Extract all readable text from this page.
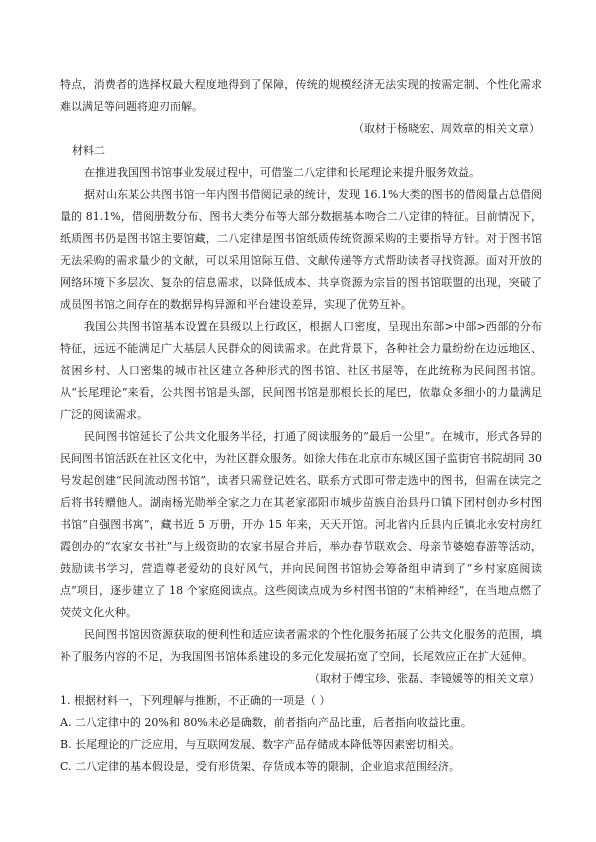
特点，消费者的选择权最大程度地得到了保障，传统的规模经济无法实现的按需定制、个性化需求难以满足等问题将迎刃而解。

（取材于杨晓宏、周效章的相关文章）

材料二

在推进我国图书馆事业发展过程中，可借鉴二八定律和长尾理论来提升服务效益。

据对山东某公共图书馆一年内图书借阅记录的统计，发现 16.1%大类的图书的借阅量占总借阅量的 81.1%，借阅册数分布、图书大类分布等大部分数据基本吻合二八定律的特征。目前情况下，纸质图书仍是图书馆主要馆藏，二八定律是图书馆纸质传统资源采购的主要指导方针。对于图书馆无法采购的需求量少的文献，可以采用馆际互借、文献传递等方式帮助读者寻找资源。面对开放的网络环境下多层次、复杂的信息需求，以降低成本、共享资源为宗旨的图书馆联盟的出现，突破了成员图书馆之间存在的数据异构异源和平台建设差异，实现了优势互补。

我国公共图书馆基本设置在县级以上行政区，根据人口密度，呈现出东部>中部>西部的分布特征，远远不能满足广大基层人民群众的阅读需求。在此背景下，各种社会力量纷纷在边远地区、贫困乡村、人口密集的城市社区建立各种形式的图书馆、社区书屋等，在此统称为民间图书馆。从“长尾理论”来看，公共图书馆是头部，民间图书馆是那根长长的尾巴，依靠众多细小的力量满足广泛的阅读需求。

民间图书馆延长了公共文化服务半径，打通了阅读服务的“最后一公里”。在城市，形式各异的民间图书馆活跃在社区文化中，为社区群众服务。如徐大伟在北京市东城区国子监街官书院胡同 30 号发起创建“民间流动图书馆”，读者只需登记姓名、联系方式即可带走选中的图书，但需在读完之后将书转赠他人。湖南杨光勋举全家之力在其老家邵阳市城步苗族自治县丹口镇下团村创办乡村图书馆“自强图书寓”，藏书近 5 万册，开办 15 年来，天天开馆。河北省内丘县内丘镇北永安村房红霞创办的“农家女书社”与上级资助的农家书屋合并后，举办春节联欢会、母亲节婆媳春游等活动，鼓励读书学习，营造尊老爱幼的良好风气，并向民间图书馆协会筹备组申请到了“乡村家庭阅读点”项目，逐步建立了 18 个家庭阅读点。这些阅读点成为乡村图书馆的“末梢神经”，在当地点燃了荧荧文化火种。

民间图书馆因资源获取的便利性和适应读者需求的个性化服务拓展了公共文化服务的范围，填补了服务内容的不足，为我国图书馆体系建设的多元化发展拓宽了空间，长尾效应正在扩大延伸。

（取材于傅宝珍、张磊、李镜媛等的相关文章）

1. 根据材料一，下列理解与推断，不正确的一项是（ ）

A. 二八定律中的 20%和 80%未必是确数，前者指向产品比重，后者指向收益比重。

B. 长尾理论的广泛应用，与互联网发展、数字产品存储成本降低等因素密切相关。

C. 二八定律的基本假设是，受有形货架、存货成本等的限制，企业追求范围经济。
